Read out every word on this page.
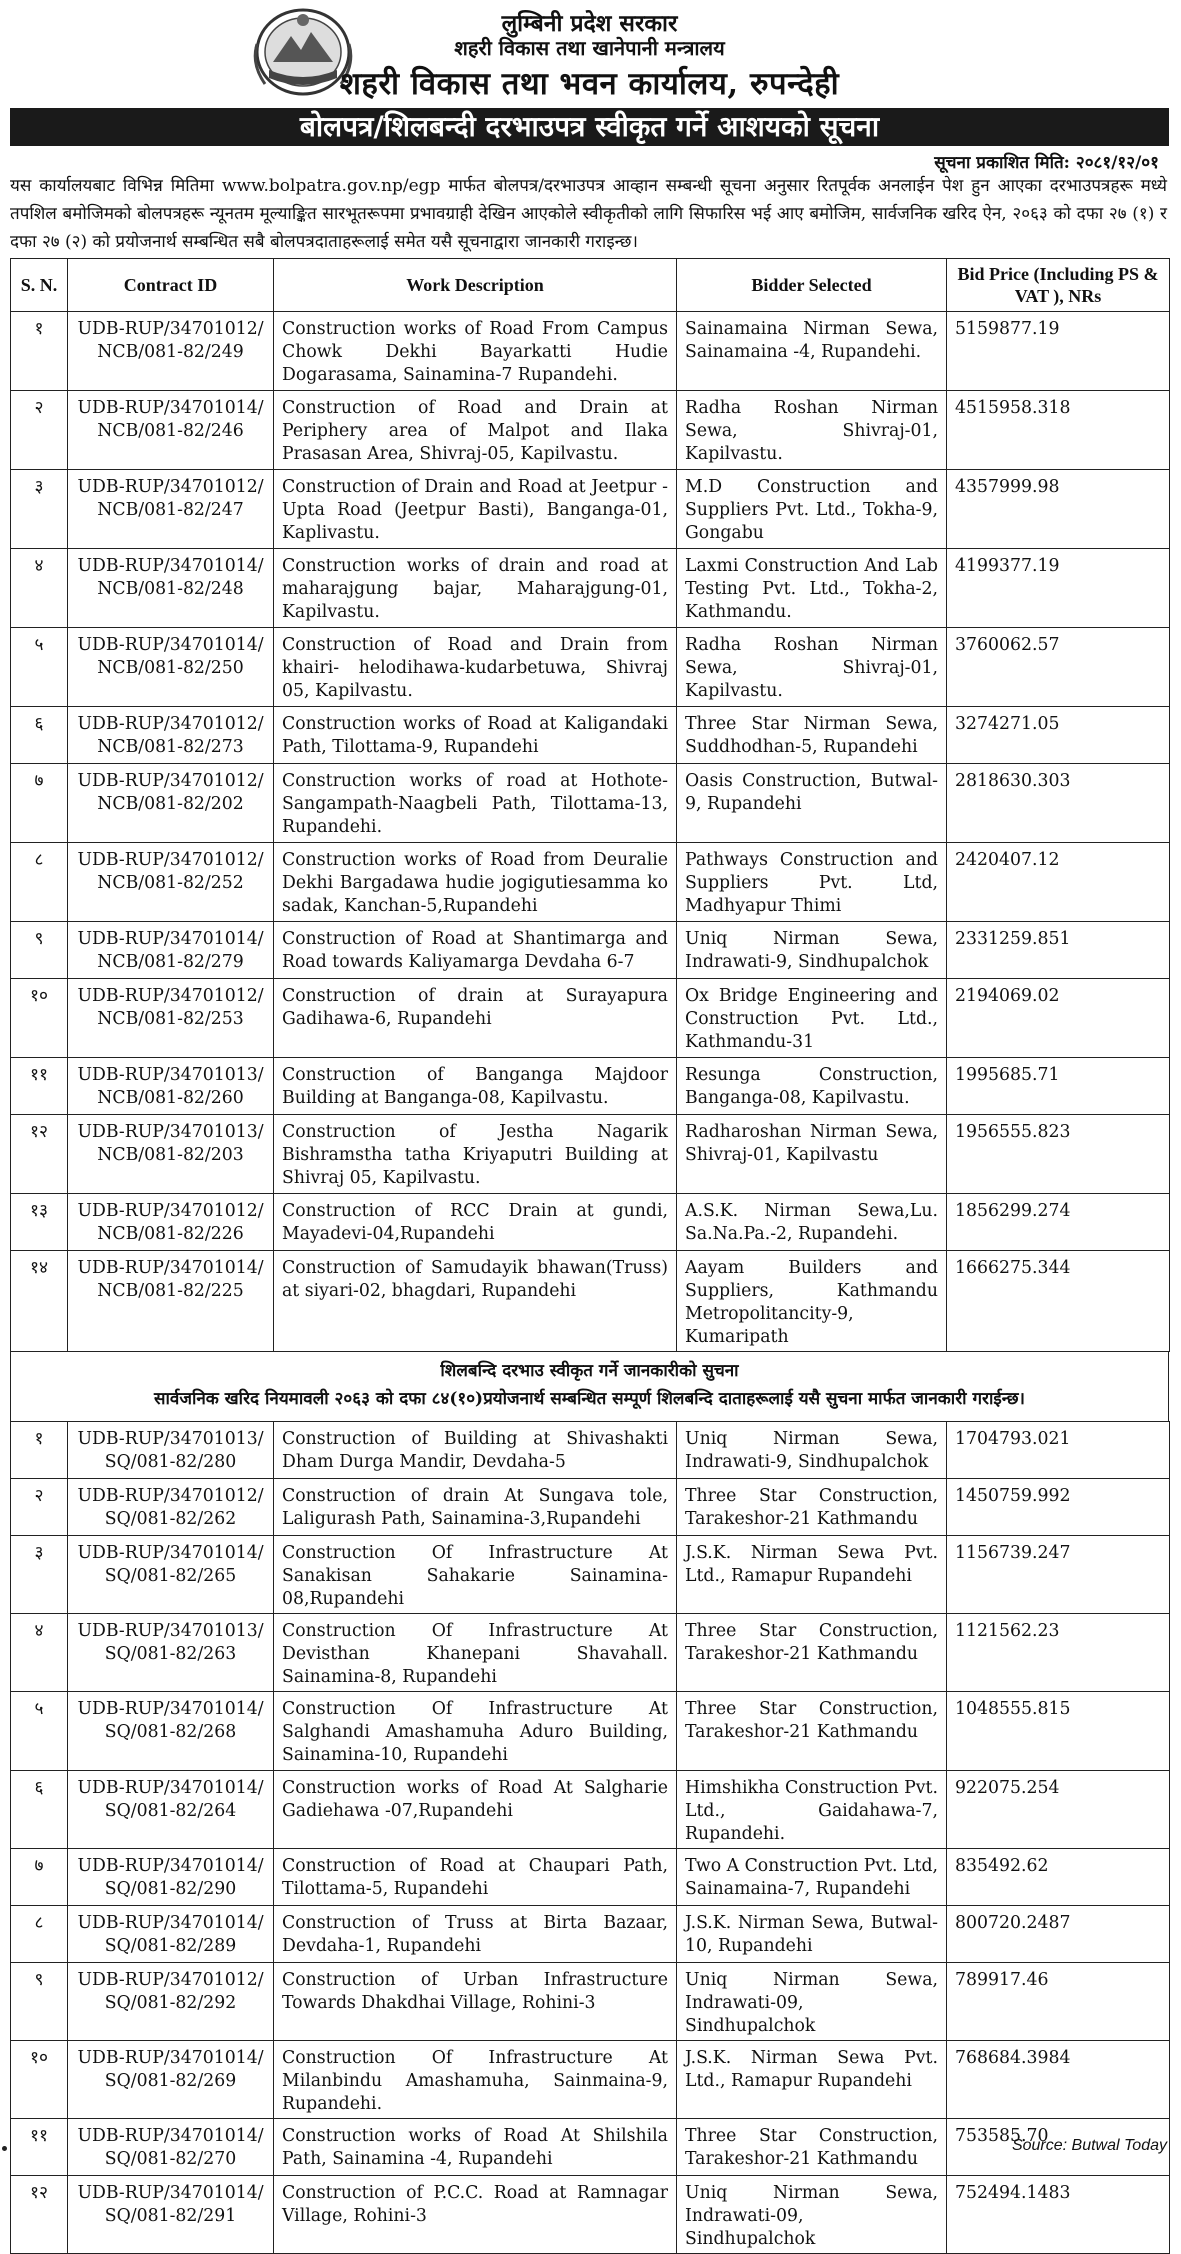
लुम्बिनी प्रदेश सरकार
शहरी विकास तथा खानेपानी मन्त्रालय
शहरी विकास तथा भवन कार्यालय, रुपन्देही
बोलपत्र/शिलबन्दी दरभाउपत्र स्वीकृत गर्ने आशयको सूचना
सूचना प्रकाशित मिति: २०८१/१२/०१
यस कार्यालयबाट विभिन्न मितिमा www.bolpatra.gov.np/egp मार्फत बोलपत्र/दरभाउपत्र आव्हान सम्बन्धी सूचना अनुसार रितपूर्वक अनलाईन पेश हुन आएका दरभाउपत्रहरू मध्ये तपशिल बमोजिमको बोलपत्रहरू न्यूनतम मूल्याङ्कित सारभूतरूपमा प्रभावग्राही देखिन आएकोले स्वीकृतीको लागि सिफारिस भई आए बमोजिम, सार्वजनिक खरिद ऐन, २०६३ को दफा २७ (१) र दफा २७ (२) को प्रयोजनार्थ सम्बन्धित सबै बोलपत्रदाताहरूलाई समेत यसै सूचनाद्वारा जानकारी गराइन्छ।
S. N.	Contract ID	Work Description	Bidder Selected	Bid Price (Including PS & VAT ), NRs
१	UDB-RUP/34701012/ NCB/081-82/249	Construction works of Road From Campus Chowk Dekhi Bayarkatti Hudie Dogarasama, Sainamina-7 Rupandehi.	Sainamaina Nirman Sewa, Sainamaina -4, Rupandehi.	5159877.19
२	UDB-RUP/34701014/ NCB/081-82/246	Construction of Road and Drain at Periphery area of Malpot and Ilaka Prasasan Area, Shivraj-05, Kapilvastu.	Radha Roshan Nirman Sewa, Shivraj-01, Kapilvastu.	4515958.318
३	UDB-RUP/34701012/ NCB/081-82/247	Construction of Drain and Road at Jeetpur - Upta Road (Jeetpur Basti), Banganga-01, Kaplivastu.	M.D Construction and Suppliers Pvt. Ltd., Tokha-9, Gongabu	4357999.98
४	UDB-RUP/34701014/ NCB/081-82/248	Construction works of drain and road at maharajgung bajar, Maharajgung-01, Kapilvastu.	Laxmi Construction And Lab Testing Pvt. Ltd., Tokha-2, Kathmandu.	4199377.19
५	UDB-RUP/34701014/ NCB/081-82/250	Construction of Road and Drain from khairi- helodihawa-kudarbetuwa, Shivraj 05, Kapilvastu.	Radha Roshan Nirman Sewa, Shivraj-01, Kapilvastu.	3760062.57
६	UDB-RUP/34701012/ NCB/081-82/273	Construction works of Road at Kaligandaki Path, Tilottama-9, Rupandehi	Three Star Nirman Sewa, Suddhodhan-5, Rupandehi	3274271.05
७	UDB-RUP/34701012/ NCB/081-82/202	Construction works of road at Hothote-Sangampath-Naagbeli Path, Tilottama-13, Rupandehi.	Oasis Construction, Butwal-9, Rupandehi	2818630.303
८	UDB-RUP/34701012/ NCB/081-82/252	Construction works of Road from Deuralie Dekhi Bargadawa hudie jogigutiesamma ko sadak, Kanchan-5,Rupandehi	Pathways Construction and Suppliers Pvt. Ltd, Madhyapur Thimi	2420407.12
९	UDB-RUP/34701014/ NCB/081-82/279	Construction of Road at Shantimarga and Road towards Kaliyamarga Devdaha 6-7	Uniq Nirman Sewa, Indrawati-9, Sindhupalchok	2331259.851
१०	UDB-RUP/34701012/ NCB/081-82/253	Construction of drain at Surayapura Gadihawa-6, Rupandehi	Ox Bridge Engineering and Construction Pvt. Ltd., Kathmandu-31	2194069.02
११	UDB-RUP/34701013/ NCB/081-82/260	Construction of Banganga Majdoor Building at Banganga-08, Kapilvastu.	Resunga Construction, Banganga-08, Kapilvastu.	1995685.71
१२	UDB-RUP/34701013/ NCB/081-82/203	Construction of Jestha Nagarik Bishramstha tatha Kriyaputri Building at Shivraj 05, Kapilvastu.	Radharoshan Nirman Sewa, Shivraj-01, Kapilvastu	1956555.823
१३	UDB-RUP/34701012/ NCB/081-82/226	Construction of RCC Drain at gundi, Mayadevi-04,Rupandehi	A.S.K. Nirman Sewa,Lu. Sa.Na.Pa.-2, Rupandehi.	1856299.274
१४	UDB-RUP/34701014/ NCB/081-82/225	Construction of Samudayik bhawan(Truss) at siyari-02, bhagdari, Rupandehi	Aayam Builders and Suppliers, Kathmandu Metropolitancity-9, Kumaripath	1666275.344
शिलबन्दि दरभाउ स्वीकृत गर्ने जानकारीको सुचना
सार्वजनिक खरिद नियमावली २०६३ को दफा ८४(१०)प्रयोजनार्थ सम्बन्धित सम्पूर्ण शिलबन्दि दाताहरूलाई यसै सुचना मार्फत जानकारी गराईन्छ।
१	UDB-RUP/34701013/ SQ/081-82/280	Construction of Building at Shivashakti Dham Durga Mandir, Devdaha-5	Uniq Nirman Sewa, Indrawati-9, Sindhupalchok	1704793.021
२	UDB-RUP/34701012/ SQ/081-82/262	Construction of drain At Sungava tole, Laligurash Path, Sainamina-3,Rupandehi	Three Star Construction, Tarakeshor-21 Kathmandu	1450759.992
३	UDB-RUP/34701014/ SQ/081-82/265	Construction Of Infrastructure At Sanakisan Sahakarie Sainamina-08,Rupandehi	J.S.K. Nirman Sewa Pvt. Ltd., Ramapur Rupandehi	1156739.247
४	UDB-RUP/34701013/ SQ/081-82/263	Construction Of Infrastructure At Devisthan Khanepani Shavahall. Sainamina-8, Rupandehi	Three Star Construction, Tarakeshor-21 Kathmandu	1121562.23
५	UDB-RUP/34701014/ SQ/081-82/268	Construction Of Infrastructure At Salghandi Amashamuha Aduro Building, Sainamina-10, Rupandehi	Three Star Construction, Tarakeshor-21 Kathmandu	1048555.815
६	UDB-RUP/34701014/ SQ/081-82/264	Construction works of Road At Salgharie Gadiehawa -07,Rupandehi	Himshikha Construction Pvt. Ltd., Gaidahawa-7, Rupandehi.	922075.254
७	UDB-RUP/34701014/ SQ/081-82/290	Construction of Road at Chaupari Path, Tilottama-5, Rupandehi	Two A Construction Pvt. Ltd, Sainamaina-7, Rupandehi	835492.62
८	UDB-RUP/34701014/ SQ/081-82/289	Construction of Truss at Birta Bazaar, Devdaha-1, Rupandehi	J.S.K. Nirman Sewa, Butwal-10, Rupandehi	800720.2487
९	UDB-RUP/34701012/ SQ/081-82/292	Construction of Urban Infrastructure Towards Dhakdhai Village, Rohini-3	Uniq Nirman Sewa, Indrawati-09, Sindhupalchok	789917.46
१०	UDB-RUP/34701014/ SQ/081-82/269	Construction Of Infrastructure At Milanbindu Amashamuha, Sainmaina-9, Rupandehi.	J.S.K. Nirman Sewa Pvt. Ltd., Ramapur Rupandehi	768684.3984
११	UDB-RUP/34701014/ SQ/081-82/270	Construction works of Road At Shilshila Path, Sainamina -4, Rupandehi	Three Star Construction, Tarakeshor-21 Kathmandu	753585.70
१२	UDB-RUP/34701014/ SQ/081-82/291	Construction of P.C.C. Road at Ramnagar Village, Rohini-3	Uniq Nirman Sewa, Indrawati-09, Sindhupalchok	752494.1483
Source: Butwal Today
